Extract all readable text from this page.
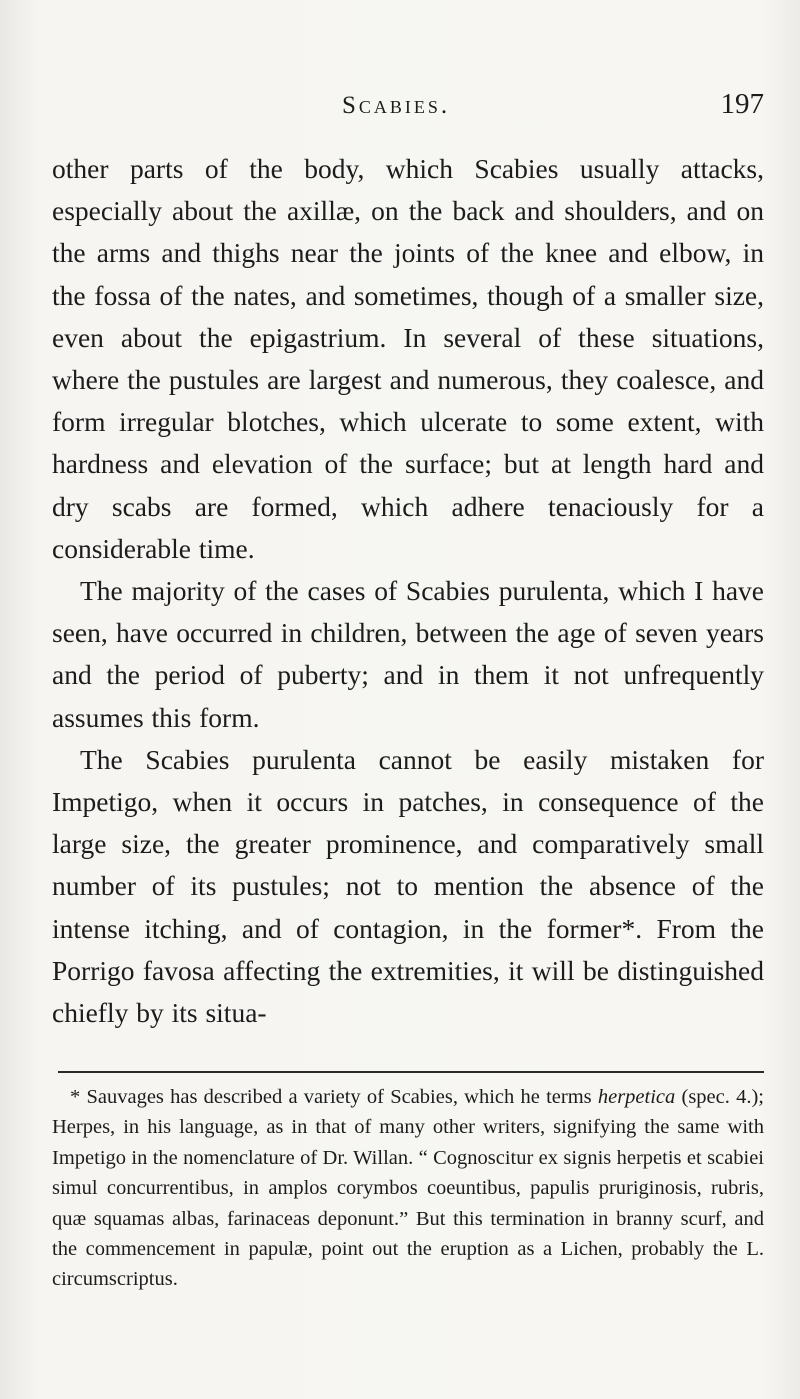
Scabies.	197

other parts of the body, which Scabies usually attacks, especially about the axillæ, on the back and shoulders, and on the arms and thighs near the joints of the knee and elbow, in the fossa of the nates, and sometimes, though of a smaller size, even about the epigastrium. In several of these situations, where the pustules are largest and numerous, they coalesce, and form irregular blotches, which ulcerate to some extent, with hardness and elevation of the surface; but at length hard and dry scabs are formed, which adhere tenaciously for a considerable time.

The majority of the cases of Scabies purulenta, which I have seen, have occurred in children, between the age of seven years and the period of puberty; and in them it not unfrequently assumes this form.

The Scabies purulenta cannot be easily mistaken for Impetigo, when it occurs in patches, in consequence of the large size, the greater prominence, and comparatively small number of its pustules; not to mention the absence of the intense itching, and of contagion, in the former*. From the Porrigo favosa affecting the extremities, it will be distinguished chiefly by its situa-

* Sauvages has described a variety of Scabies, which he terms herpetica (spec. 4.); Herpes, in his language, as in that of many other writers, signifying the same with Impetigo in the nomenclature of Dr. Willan. “ Cognoscitur ex signis herpetis et scabiei simul concurrentibus, in amplos corymbos coeuntibus, papulis pruriginosis, rubris, quæ squamas albas, farinaceas deponunt.” But this termination in branny scurf, and the commencement in papulæ, point out the eruption as a Lichen, probably the L. circumscriptus.
